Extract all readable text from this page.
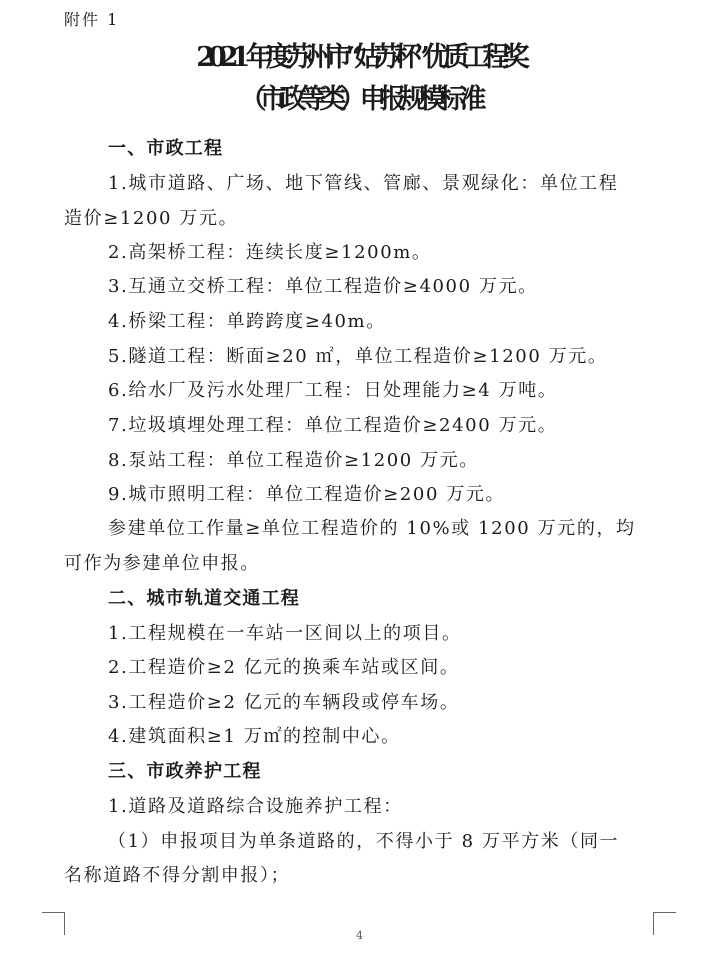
附件 1
2021 年度苏州市“姑苏杯”优质工程奖
（市政等类）申报规模标准
一、市政工程
1.城市道路、广场、地下管线、管廊、景观绿化：单位工程
造价≥1200 万元。
2.高架桥工程：连续长度≥1200m。
3.互通立交桥工程：单位工程造价≥4000 万元。
4.桥梁工程：单跨跨度≥40m。
5.隧道工程：断面≥20 ㎡，单位工程造价≥1200 万元。
6.给水厂及污水处理厂工程：日处理能力≥4 万吨。
7.垃圾填埋处理工程：单位工程造价≥2400 万元。
8.泵站工程：单位工程造价≥1200 万元。
9.城市照明工程：单位工程造价≥200 万元。
参建单位工作量≥单位工程造价的 10%或 1200 万元的，均
可作为参建单位申报。
二、城市轨道交通工程
1.工程规模在一车站一区间以上的项目。
2.工程造价≥2 亿元的换乘车站或区间。
3.工程造价≥2 亿元的车辆段或停车场。
4.建筑面积≥1 万㎡的控制中心。
三、市政养护工程
1.道路及道路综合设施养护工程：
（1）申报项目为单条道路的，不得小于 8 万平方米（同一
名称道路不得分割申报）；
4
